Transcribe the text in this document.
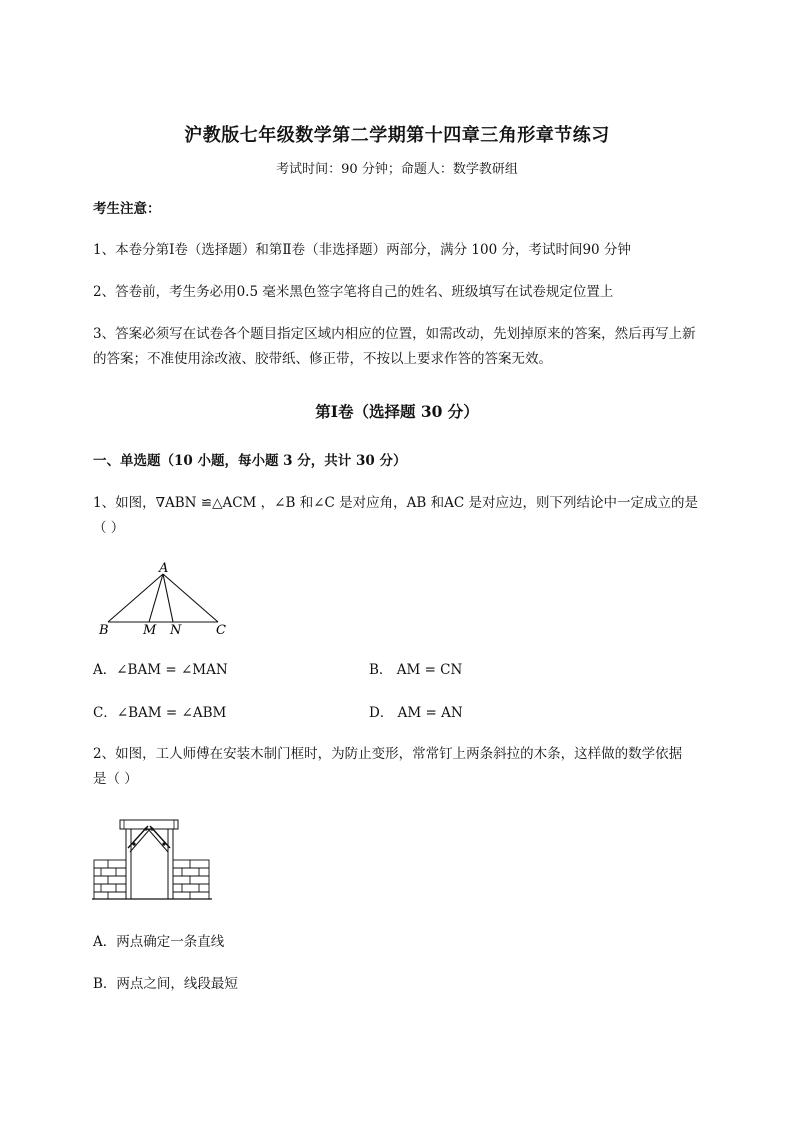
沪教版七年级数学第二学期第十四章三角形章节练习
考试时间：90 分钟；命题人：数学教研组
考生注意：
1、本卷分第Ⅰ卷（选择题）和第Ⅱ卷（非选择题）两部分，满分 100 分，考试时间90 分钟
2、答卷前，考生务必用0.5 毫米黑色签字笔将自己的姓名、班级填写在试卷规定位置上
3、答案必须写在试卷各个题目指定区域内相应的位置，如需改动，先划掉原来的答案，然后再写上新
的答案；不准使用涂改液、胶带纸、修正带，不按以上要求作答的答案无效。
第Ⅰ卷（选择题 30 分）
一、单选题（10 小题，每小题 3 分，共计 30 分）
1、如图，∇ABN ≌△ACM ，∠B 和∠C 是对应角，AB 和AC 是对应边，则下列结论中一定成立的是
（ ）
A
B	M N	C
A．∠BAM = ∠MAN	B． AM = CN
C．∠BAM = ∠ABM	D． AM = AN
2、如图，工人师傅在安装木制门框时，为防止变形，常常钉上两条斜拉的木条，这样做的数学依据
是（ ）
A．两点确定一条直线
B．两点之间，线段最短
